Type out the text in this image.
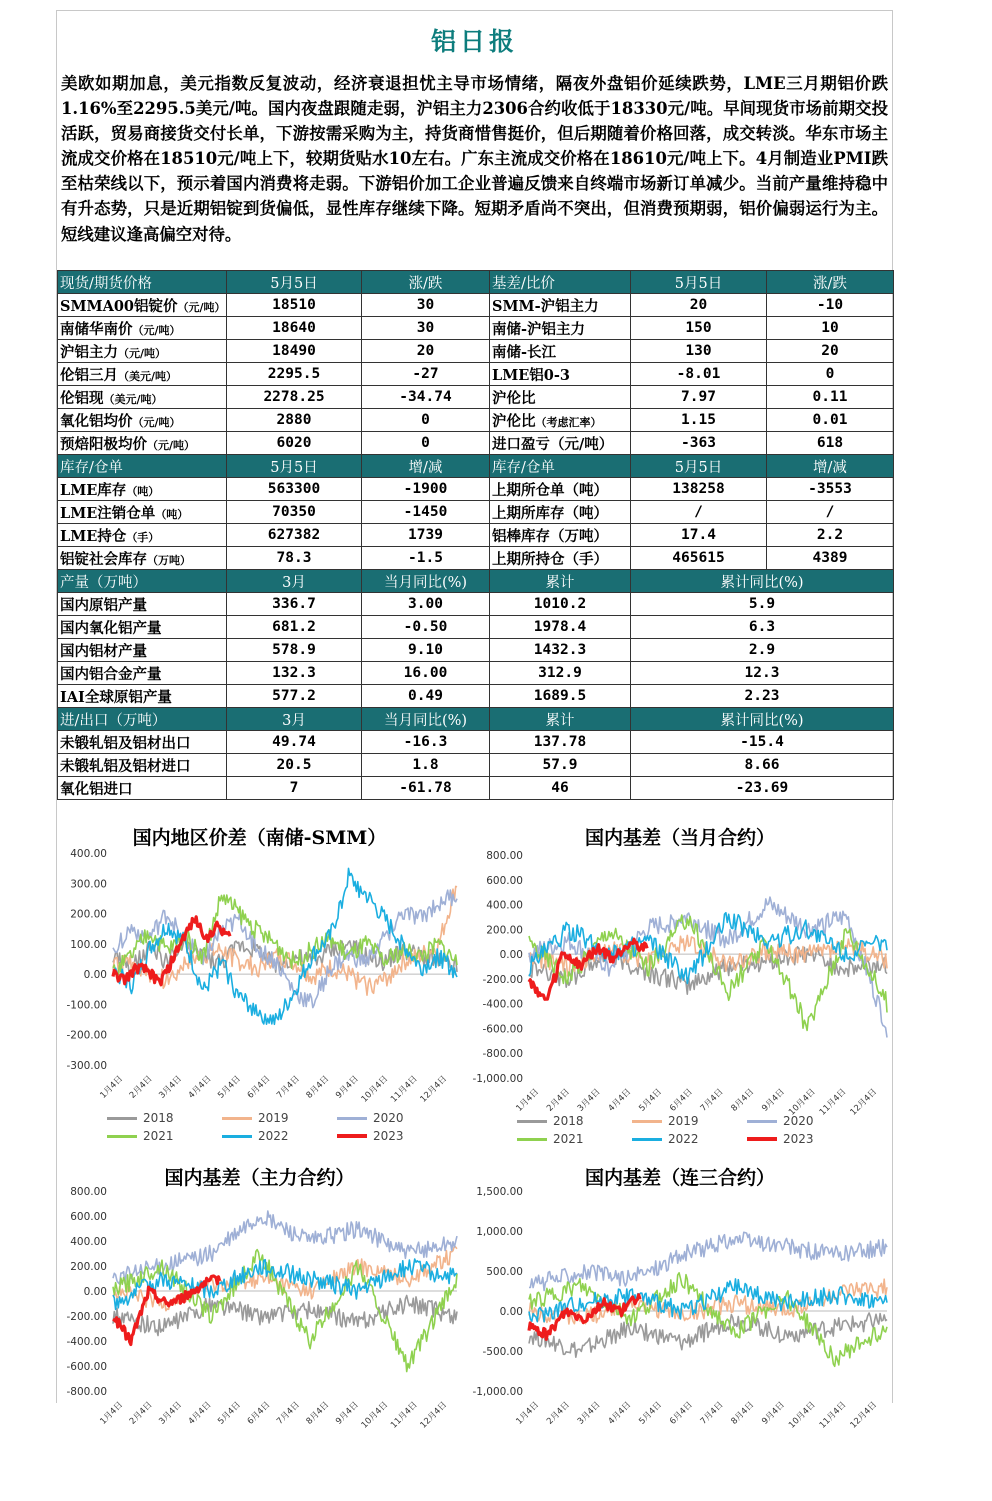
铝日报
美欧如期加息，美元指数反复波动，经济衰退担忧主导市场情绪，隔夜外盘铝价延续跌势，LME三月期铝价跌1.16%至2295.5美元/吨。国内夜盘跟随走弱，沪铝主力2306合约收低于18330元/吨。早间现货市场前期交投活跃，贸易商接货交付长单，下游按需采购为主，持货商惜售挺价，但后期随着价格回落，成交转淡。华东市场主流成交价格在18510元/吨上下，较期货贴水10左右。广东主流成交价格在18610元/吨上下。4月制造业PMI跌至枯荣线以下，预示着国内消费将走弱。下游铝价加工企业普遍反馈来自终端市场新订单减少。当前产量维持稳中有升态势，只是近期铝锭到货偏低，显性库存继续下降。短期矛盾尚不突出，但消费预期弱，铝价偏弱运行为主。短线建议逢高偏空对待。
现货/期货价格	5月5日	涨/跌	基差/比价	5月5日	涨/跌
SMMA00铝锭价（元/吨）	18510	30	SMM-沪铝主力	20	-10
南储华南价（元/吨）	18640	30	南储-沪铝主力	150	10
沪铝主力（元/吨）	18490	20	南储-长江	130	20
伦铝三月（美元/吨）	2295.5	-27	LME铝0-3	-8.01	0
伦铝现（美元/吨）	2278.25	-34.74	沪伦比	7.97	0.11
氧化铝均价（元/吨）	2880	0	沪伦比（考虑汇率）	1.15	0.01
预焙阳极均价（元/吨）	6020	0	进口盈亏（元/吨）	-363	618
库存/仓单	5月5日	增/减	库存/仓单	5月5日	增/减
LME库存（吨）	563300	-1900	上期所仓单（吨）	138258	-3553
LME注销仓单（吨）	70350	-1450	上期所库存（吨）	/	/
LME持仓（手）	627382	1739	铝棒库存（万吨）	17.4	2.2
铝锭社会库存（万吨）	78.3	-1.5	上期所持仓（手）	465615	4389
产量（万吨）	3月	当月同比(%)	累计	累计同比(%)	
国内原铝产量	336.7	3.00	1010.2	5.9	
国内氧化铝产量	681.2	-0.50	1978.4	6.3	
国内铝材产量	578.9	9.10	1432.3	2.9	
国内铝合金产量	132.3	16.00	312.9	12.3	
IAI全球原铝产量	577.2	0.49	1689.5	2.23	
进/出口（万吨）	3月	当月同比(%)	累计	累计同比(%)	
未锻轧铝及铝材出口	49.74	-16.3	137.78	-15.4	
未锻轧铝及铝材进口	20.5	1.8	57.9	8.66	
氧化铝进口	7	-61.78	46	-23.69	
国内地区价差（南储-SMM）
400.00
300.00
200.00
100.00
0.00
-100.00
-200.00
-300.00
1月4日 2月4日 3月4日 4月4日 5月4日 6月4日 7月4日 8月4日 9月4日
10月4日
11月4日
12月4日
2018	2019	2020
2021	2022	2023
国内基差（当月合约）
800.00
600.00
400.00
200.00
0.00
-200.00
-400.00
-600.00
-800.00
-1,000.00
1月4日 2月4日 3月4日 4月4日 5月4日 6月4日 7月4日 8月4日 9月4日 10月4日 11月4日 12月4日
2018	2019	2020
2021	2022	2023
国内基差（主力合约）
800.00
600.00
400.00
200.00
0.00
-200.00
-400.00
-600.00
-800.00
1月4日 2月4日 3月4日 4月4日 5月4日 6月4日 7月4日 8月4日 9月4日
10月4日
11月4日
12月4日
国内基差（连三合约）
1,500.00
1,000.00
500.00
0.00
-500.00
-1,000.00
1月4日 2月4日 3月4日 4月4日 5月4日 6月4日 7月4日 8月4日 9月4日 10月4日 11月4日 12月4日
